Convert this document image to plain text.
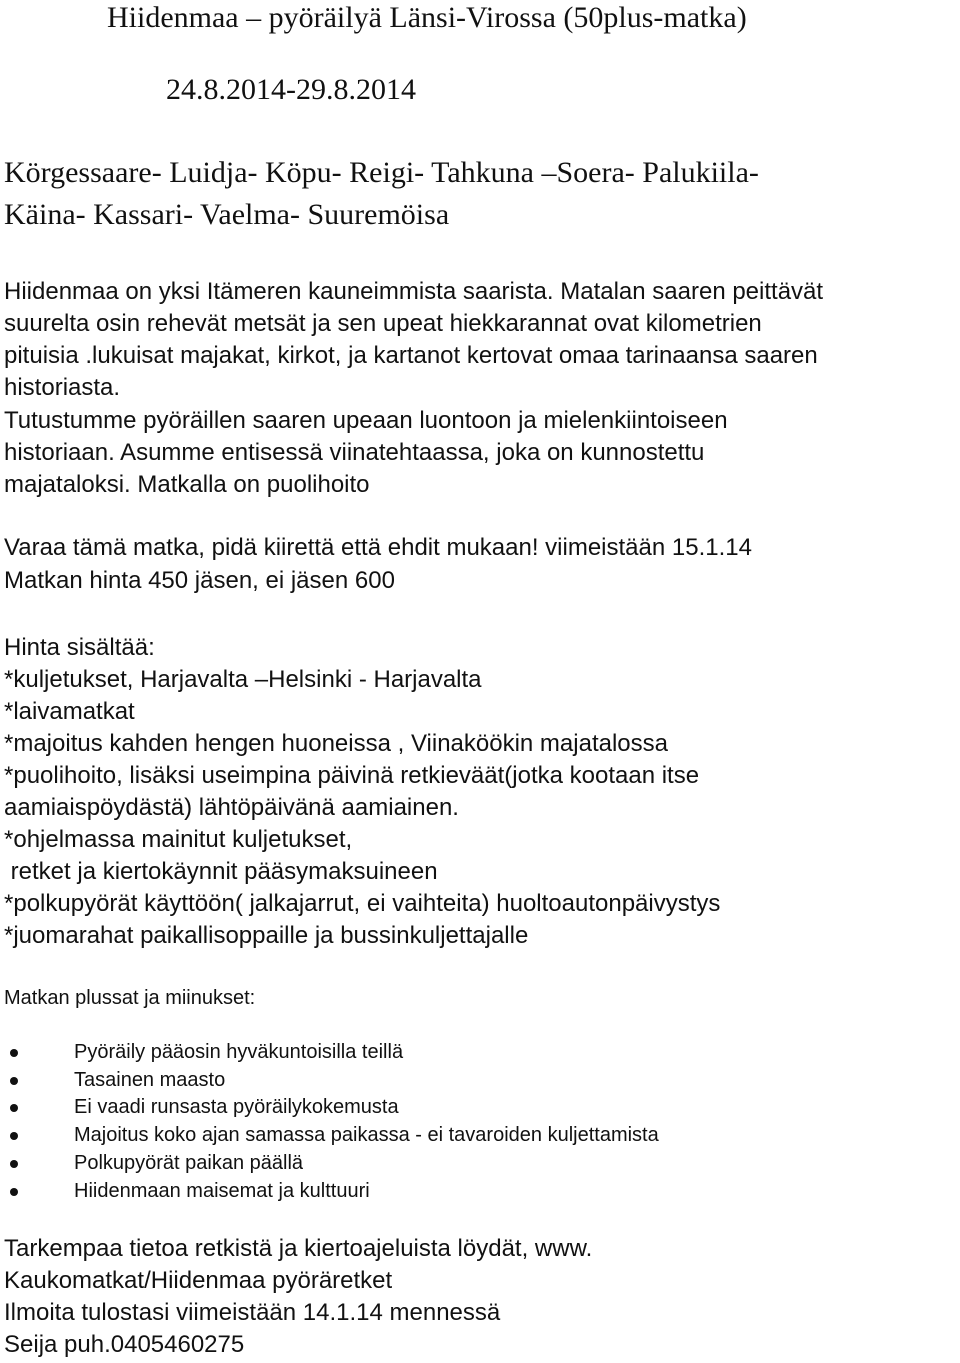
Hiidenmaa – pyöräilyä Länsi-Virossa (50plus-matka)

24.8.2014-29.8.2014

Körgessaare- Luidja- Köpu- Reigi- Tahkuna –Soera- Palukiila-

Käina- Kassari- Vaelma- Suuremöisa

Hiidenmaa on yksi Itämeren kauneimmista saarista. Matalan saaren peittävät

suurelta osin rehevät metsät ja sen upeat hiekkarannat ovat kilometrien

pituisia .lukuisat majakat, kirkot, ja kartanot kertovat omaa tarinaansa saaren

historiasta.

Tutustumme pyöräillen saaren upeaan luontoon ja mielenkiintoiseen

historiaan. Asumme entisessä viinatehtaassa, joka on kunnostettu

majataloksi. Matkalla on puolihoito

Varaa tämä matka, pidä kiirettä että ehdit mukaan! viimeistään 15.1.14

Matkan hinta 450 jäsen, ei jäsen 600

Hinta sisältää:

*kuljetukset, Harjavalta –Helsinki - Harjavalta

*laivamatkat

*majoitus kahden hengen huoneissa , Viinaköökin majatalossa

*puolihoito, lisäksi useimpina päivinä retkieväät(jotka kootaan itse

aamiaispöydästä) lähtöpäivänä aamiainen.

*ohjelmassa mainitut kuljetukset,

retket ja kiertokäynnit pääsymaksuineen

*polkupyörät käyttöön( jalkajarrut, ei vaihteita) huoltoautonpäivystys

*juomarahat paikallisoppaille ja bussinkuljettajalle

Matkan plussat ja miinukset:

Pyöräily pääosin hyväkuntoisilla teillä
Tasainen maasto
Ei vaadi runsasta pyöräilykokemusta
Majoitus koko ajan samassa paikassa - ei tavaroiden kuljettamista
Polkupyörät paikan päällä
Hiidenmaan maisemat ja kulttuuri

Tarkempaa tietoa retkistä ja kiertoajeluista löydät, www.

Kaukomatkat/Hiidenmaa pyöräretket

Ilmoita tulostasi viimeistään 14.1.14 mennessä

Seija puh.0405460275
